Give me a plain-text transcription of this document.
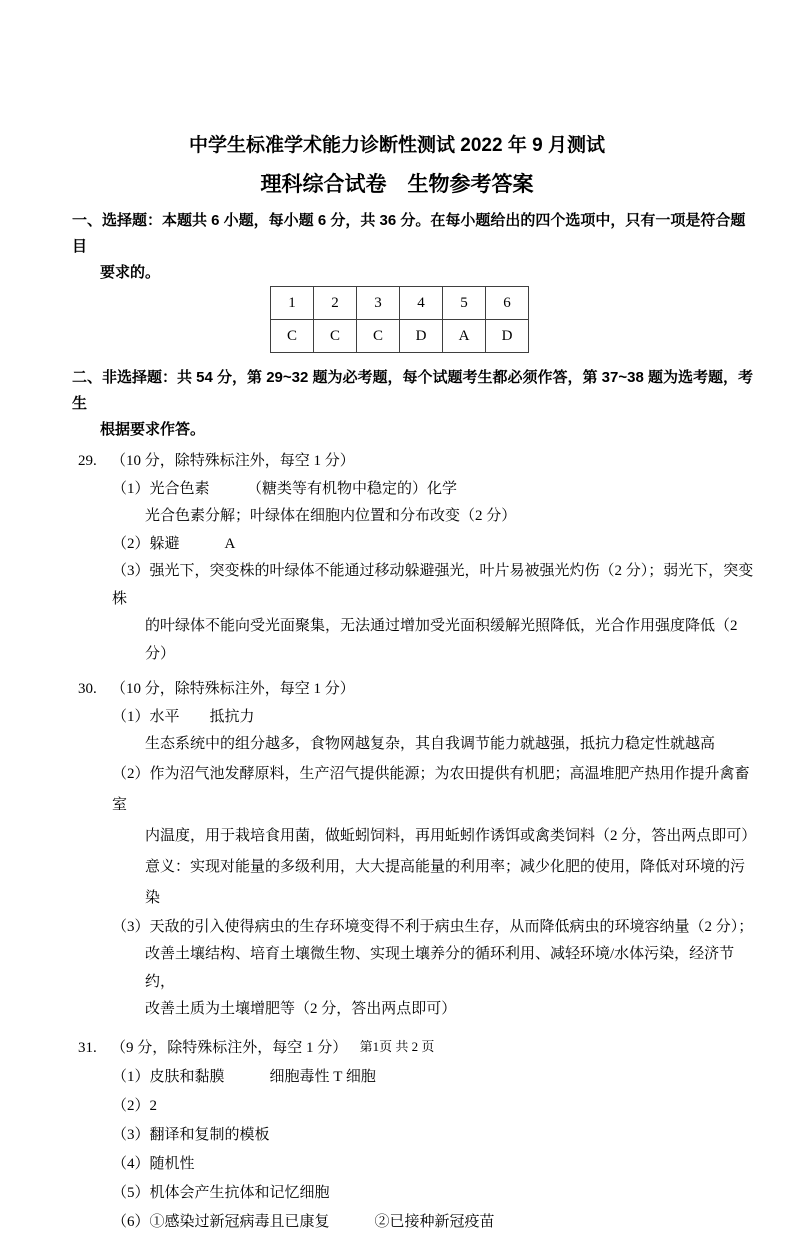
中学生标准学术能力诊断性测试 2022 年 9 月测试
理科综合试卷　生物参考答案
一、选择题：本题共 6 小题，每小题 6 分，共 36 分。在每小题给出的四个选项中，只有一项是符合题目
要求的。
1	2	3	4	5	6
C	C	C	D	A	D
二、非选择题：共 54 分，第 29~32 题为必考题，每个试题考生都必须作答，第 37~38 题为选考题，考生
根据要求作答。
29. （10 分，除特殊标注外，每空 1 分）
（1）光合色素　　　（糖类等有机物中稳定的）化学
光合色素分解；叶绿体在细胞内位置和分布改变（2 分）
（2）躲避　　　A
（3）强光下，突变株的叶绿体不能通过移动躲避强光，叶片易被强光灼伤（2 分）；弱光下，突变株
的叶绿体不能向受光面聚集，无法通过增加受光面积缓解光照降低，光合作用强度降低（2 分）
30. （10 分，除特殊标注外，每空 1 分）
（1）水平　　抵抗力
生态系统中的组分越多，食物网越复杂，其自我调节能力就越强，抵抗力稳定性就越高
（2）作为沼气池发酵原料，生产沼气提供能源；为农田提供有机肥；高温堆肥产热用作提升禽畜室
内温度，用于栽培食用菌，做蚯蚓饲料，再用蚯蚓作诱饵或禽类饲料（2 分，答出两点即可）
意义：实现对能量的多级利用，大大提高能量的利用率；减少化肥的使用，降低对环境的污染
（3）天敌的引入使得病虫的生存环境变得不利于病虫生存，从而降低病虫的环境容纳量（2 分）；
改善土壤结构、培育土壤微生物、实现土壤养分的循环利用、减轻环境/水体污染，经济节约，
改善土质为土壤增肥等（2 分，答出两点即可）
31. （9 分，除特殊标注外，每空 1 分）
（1）皮肤和黏膜　　　细胞毒性 T 细胞
（2）2
（3）翻译和复制的模板
（4）随机性
（5）机体会产生抗体和记忆细胞
（6）①感染过新冠病毒且已康复　　　②已接种新冠疫苗
第1页 共 2 页
